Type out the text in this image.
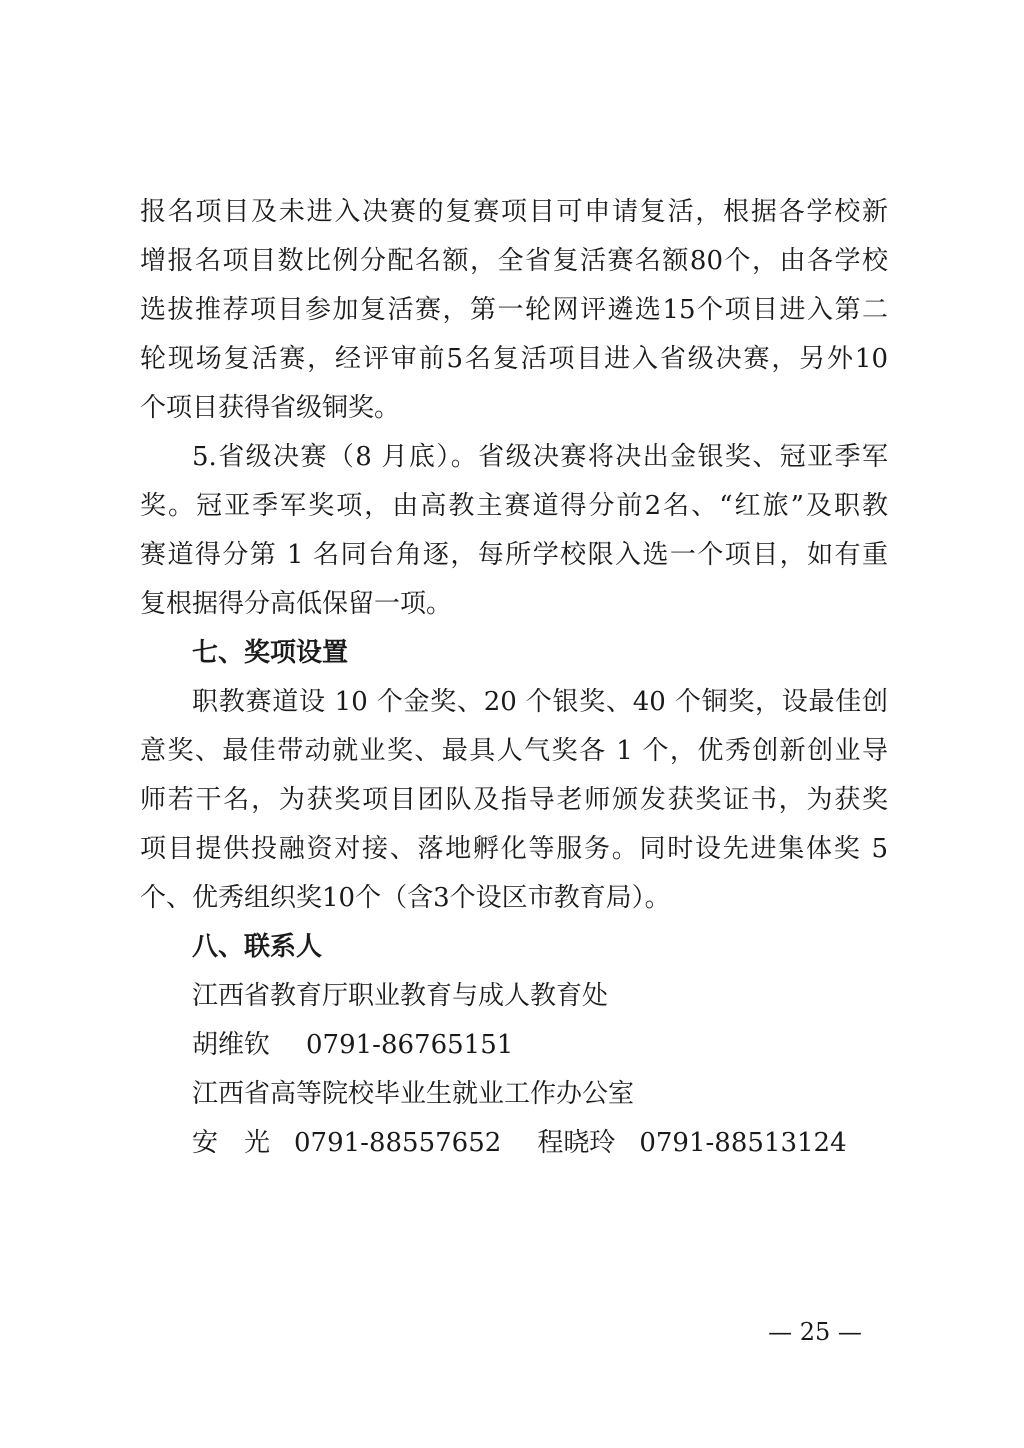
报名项目及未进入决赛的复赛项目可申请复活，根据各学校新
增报名项目数比例分配名额，全省复活赛名额80个，由各学校
选拔推荐项目参加复活赛，第一轮网评遴选15个项目进入第二
轮现场复活赛，经评审前5名复活项目进入省级决赛，另外10
个项目获得省级铜奖。
5.省级决赛（8 月底）。省级决赛将决出金银奖、冠亚季军
奖。冠亚季军奖项，由高教主赛道得分前2名、“红旅”及职教
赛道得分第 1 名同台角逐，每所学校限入选一个项目，如有重
复根据得分高低保留一项。
七、奖项设置
职教赛道设 10 个金奖、20 个银奖、40 个铜奖，设最佳创
意奖、最佳带动就业奖、最具人气奖各 1 个，优秀创新创业导
师若干名，为获奖项目团队及指导老师颁发获奖证书，为获奖
项目提供投融资对接、落地孵化等服务。同时设先进集体奖 5
个、优秀组织奖10个（含3个设区市教育局）。
八、联系人
江西省教育厅职业教育与成人教育处
胡维钦 0791-86765151
江西省高等院校毕业生就业工作办公室
安　光 0791-88557652 程晓玲 0791-88513124
— 25 —
